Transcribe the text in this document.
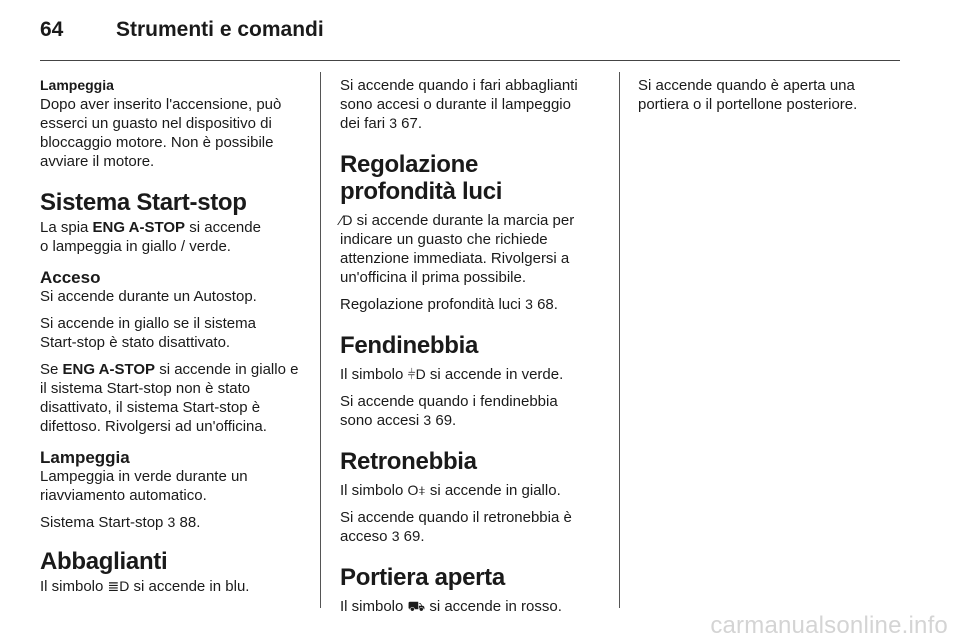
64	Strumenti e comandi
Lampeggia

Dopo aver inserito l'accensione, può esserci un guasto nel dispositivo di bloccaggio motore. Non è possibile avviare il motore.

Sistema Start-stop

La spia ENG A-STOP si accende o lampeggia in giallo / verde.

Acceso

Si accende durante un Autostop.

Si accende in giallo se il sistema Start-stop è stato disattivato.

Se ENG A-STOP si accende in giallo e il sistema Start-stop non è stato disattivato, il sistema Start-stop è difettoso. Rivolgersi ad un'officina.

Lampeggia

Lampeggia in verde durante un riavviamento automatico.

Sistema Start-stop 3 88.

Abbaglianti

Il simbolo ≣D si accende in blu.

Si accende quando i fari abbaglianti sono accesi o durante il lampeggio dei fari 3 67.

Regolazione profondità luci

⁄D si accende durante la marcia per indicare un guasto che richiede attenzione immediata. Rivolgersi a un'officina il prima possibile.

Regolazione profondità luci 3 68.

Fendinebbia

Il simbolo ⫩D si accende in verde.

Si accende quando i fendinebbia sono accesi 3 69.

Retronebbia

Il simbolo O⧧ si accende in giallo.

Si accende quando il retronebbia è acceso 3 69.

Portiera aperta

Il simbolo ⛟ si accende in rosso.

Si accende quando è aperta una portiera o il portellone posteriore.

carmanualsonline.info
